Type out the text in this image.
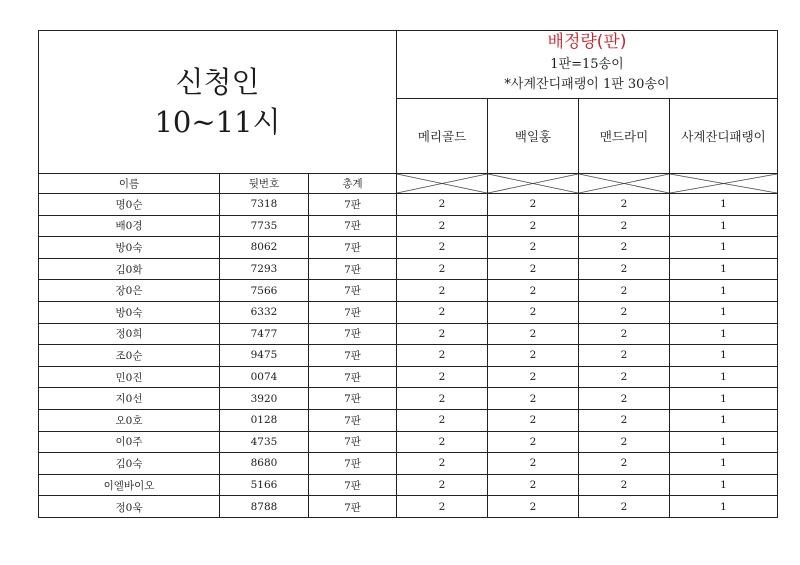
신청인
10~11시
배정량(판)
1판=15송이
*사계잔디패랭이 1판 30송이
메리골드	백일홍	맨드라미	사계잔디패랭이
이름	뒷번호	총계
명0순	7318	7판	2	2	2	1
배0경	7735	7판	2	2	2	1
방0숙	8062	7판	2	2	2	1
김0화	7293	7판	2	2	2	1
장0은	7566	7판	2	2	2	1
방0숙	6332	7판	2	2	2	1
정0희	7477	7판	2	2	2	1
조0순	9475	7판	2	2	2	1
민0진	0074	7판	2	2	2	1
지0선	3920	7판	2	2	2	1
오0호	0128	7판	2	2	2	1
이0주	4735	7판	2	2	2	1
김0숙	8680	7판	2	2	2	1
이엘바이오	5166	7판	2	2	2	1
정0욱	8788	7판	2	2	2	1
